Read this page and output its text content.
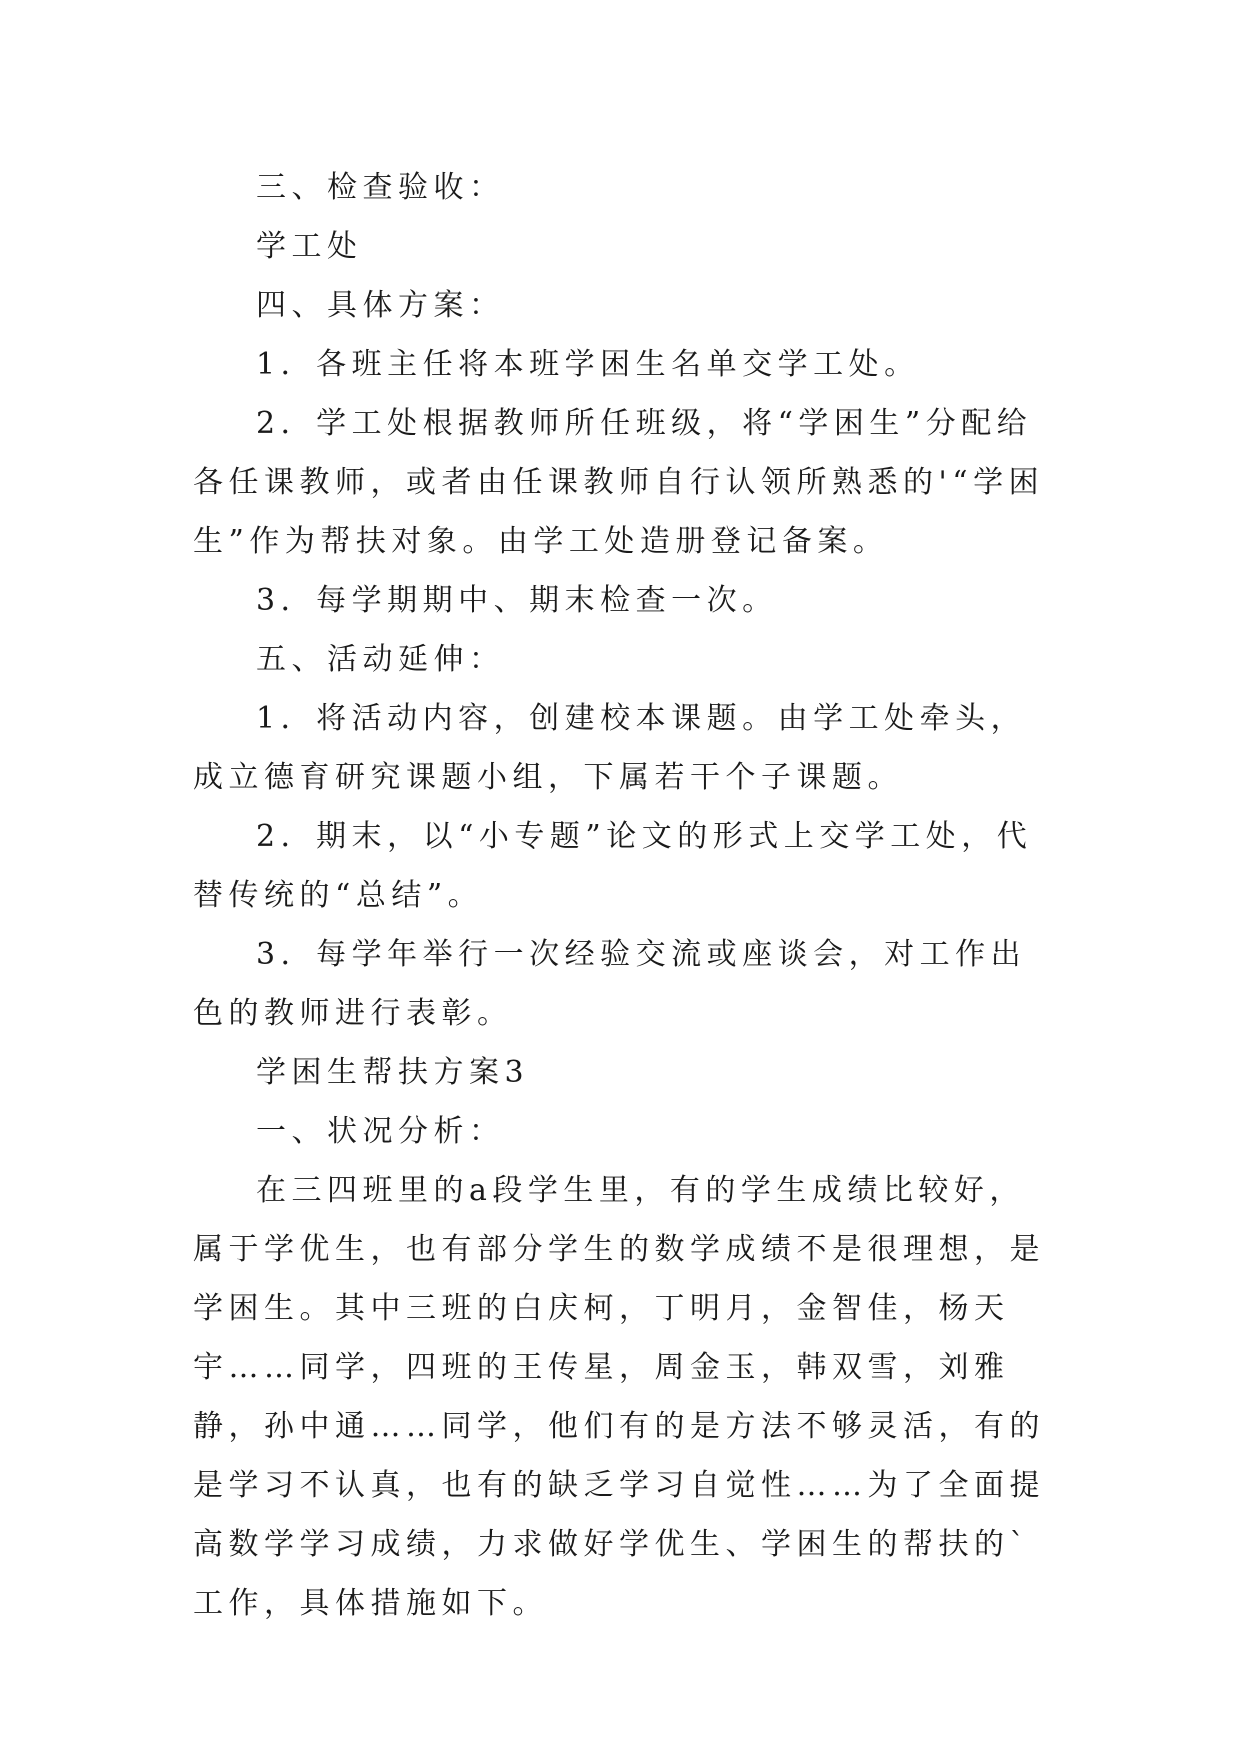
三、检查验收：

学工处

四、具体方案：

1．各班主任将本班学困生名单交学工处。

2．学工处根据教师所任班级，将“学困生”分配给各任课教师，或者由任课教师自行认领所熟悉的'“学困生”作为帮扶对象。由学工处造册登记备案。

3．每学期期中、期末检查一次。

五、活动延伸：

1．将活动内容，创建校本课题。由学工处牵头，成立德育研究课题小组，下属若干个子课题。

2．期末，以“小专题”论文的形式上交学工处，代替传统的“总结”。

3．每学年举行一次经验交流或座谈会，对工作出色的教师进行表彰。

学困生帮扶方案3

一、状况分析：

在三四班里的a段学生里，有的学生成绩比较好，属于学优生，也有部分学生的数学成绩不是很理想，是学困生。其中三班的白庆柯，丁明月，金智佳，杨天宇……同学，四班的王传星，周金玉，韩双雪，刘雅静，孙中通……同学，他们有的是方法不够灵活，有的是学习不认真，也有的缺乏学习自觉性……为了全面提高数学学习成绩，力求做好学优生、学困生的帮扶的`工作，具体措施如下。
